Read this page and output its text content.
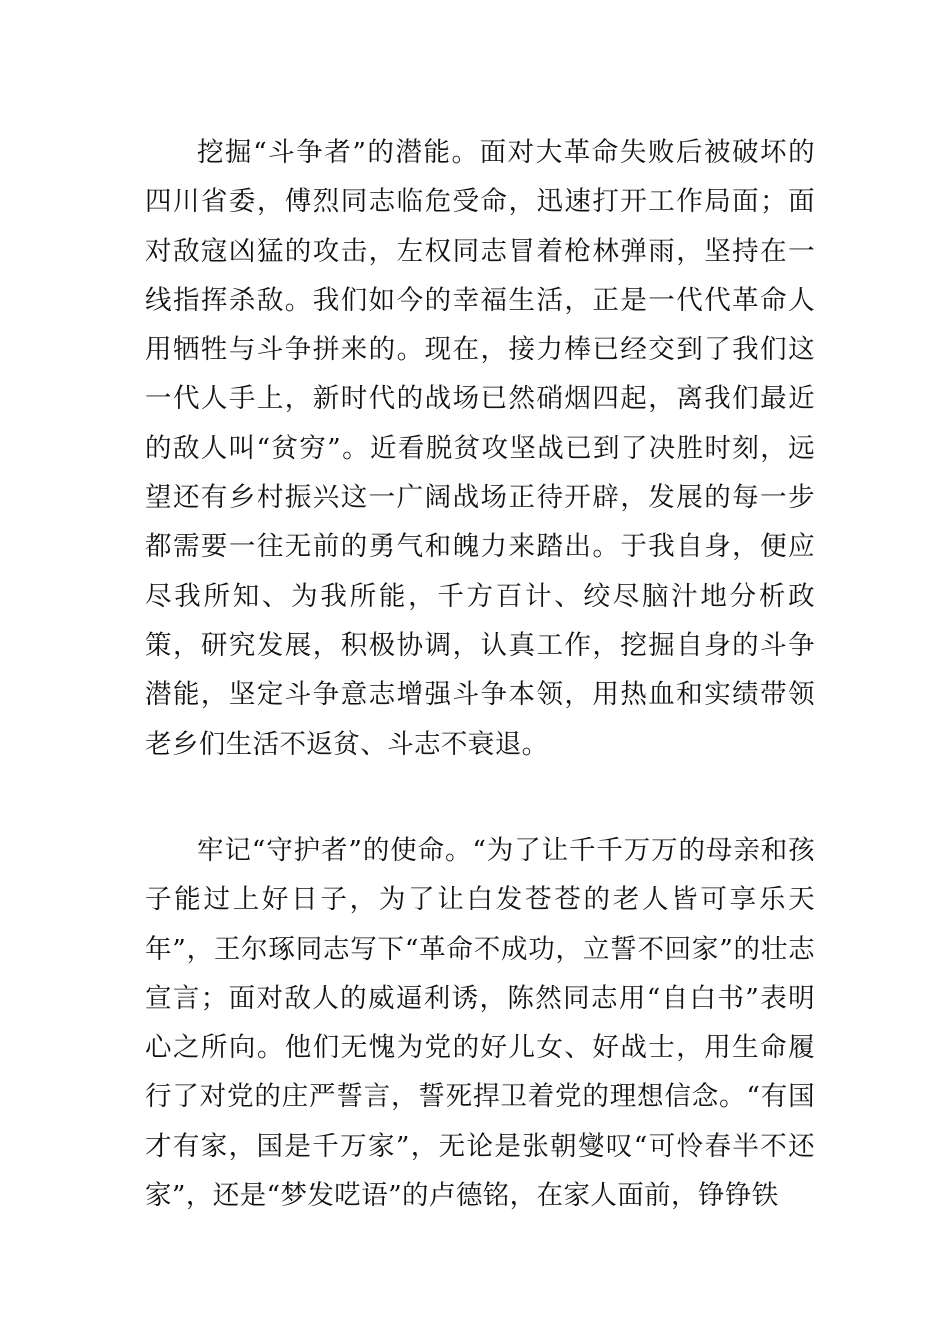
挖掘“斗争者”的潜能。面对大革命失败后被破坏的四川省委，傅烈同志临危受命，迅速打开工作局面；面对敌寇凶猛的攻击，左权同志冒着枪林弹雨，坚持在一线指挥杀敌。我们如今的幸福生活，正是一代代革命人用牺牲与斗争拼来的。现在，接力棒已经交到了我们这一代人手上，新时代的战场已然硝烟四起，离我们最近的敌人叫“贫穷”。近看脱贫攻坚战已到了决胜时刻，远望还有乡村振兴这一广阔战场正待开辟，发展的每一步都需要一往无前的勇气和魄力来踏出。于我自身，便应尽我所知、为我所能，千方百计、绞尽脑汁地分析政策，研究发展，积极协调，认真工作，挖掘自身的斗争潜能，坚定斗争意志增强斗争本领，用热血和实绩带领老乡们生活不返贫、斗志不衰退。

牢记“守护者”的使命。“为了让千千万万的母亲和孩子能过上好日子，为了让白发苍苍的老人皆可享乐天年”，王尔琢同志写下“革命不成功，立誓不回家”的壮志宣言；面对敌人的威逼利诱，陈然同志用“自白书”表明心之所向。他们无愧为党的好儿女、好战士，用生命履行了对党的庄严誓言，誓死捍卫着党的理想信念。“有国才有家，国是千万家”，无论是张朝燮叹“可怜春半不还家”，还是“梦发呓语”的卢德铭，在家人面前，铮铮铁
